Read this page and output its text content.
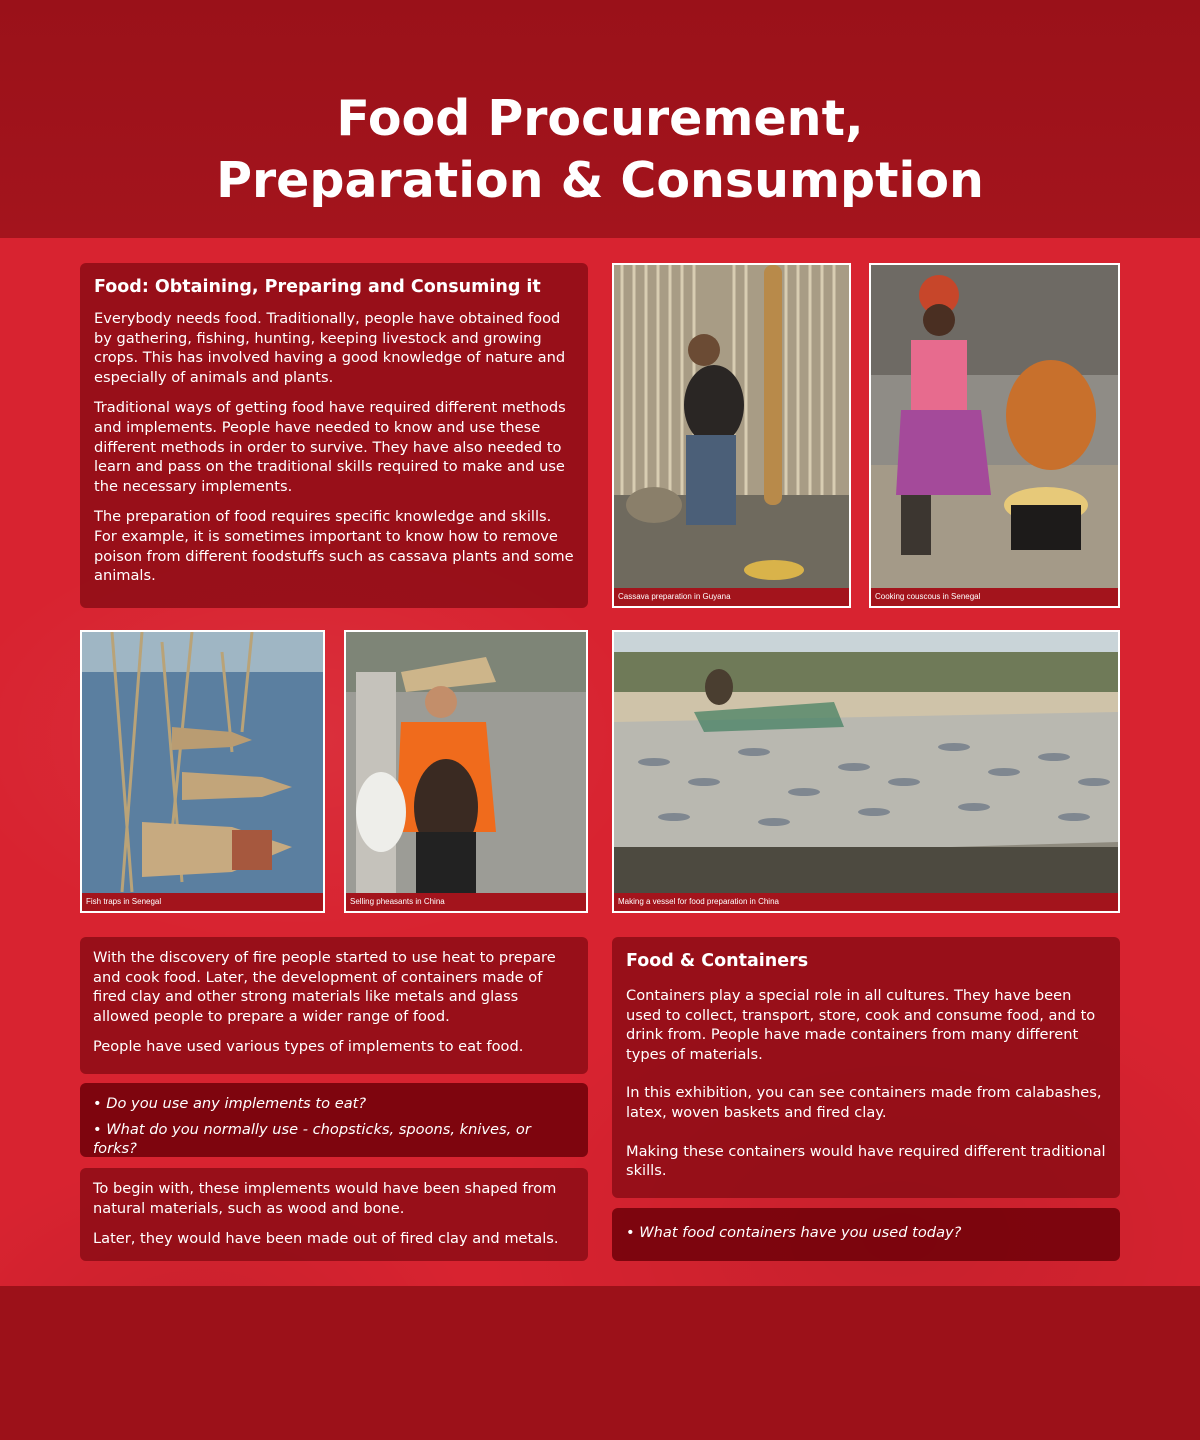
Food Procurement,
Preparation & Consumption
Food: Obtaining, Preparing and Consuming it

Everybody needs food. Traditionally, people have obtained food by gathering, fishing, hunting, keeping livestock and growing crops. This has involved having a good knowledge of nature and especially of animals and plants.

Traditional ways of getting food have required different methods and implements. People have needed to know and use these different methods in order to survive. They have also needed to learn and pass on the traditional skills required to make and use the necessary implements.

The preparation of food requires specific knowledge and skills. For example, it is sometimes important to know how to remove poison from different foodstuffs such as cassava plants and some animals.

Cassava preparation in Guyana	Cooking couscous in Senegal
Fish traps in Senegal	Selling pheasants in China	Making a vessel for food preparation in China

With the discovery of fire people started to use heat to prepare and cook food. Later, the development of containers made of fired clay and other strong materials like metals and glass allowed people to prepare a wider range of food.

People have used various types of implements to eat food.

• Do you use any implements to eat?

• What do you normally use - chopsticks, spoons, knives, or forks?

To begin with, these implements would have been shaped from natural materials, such as wood and bone.

Later, they would have been made out of fired clay and metals.

Food & Containers

Containers play a special role in all cultures. They have been used to collect, transport, store, cook and consume food, and to drink from. People have made containers from many different types of materials.

In this exhibition, you can see containers made from calabashes, latex, woven baskets and fired clay.

Making these containers would have required different traditional skills.

• What food containers have you used today?
